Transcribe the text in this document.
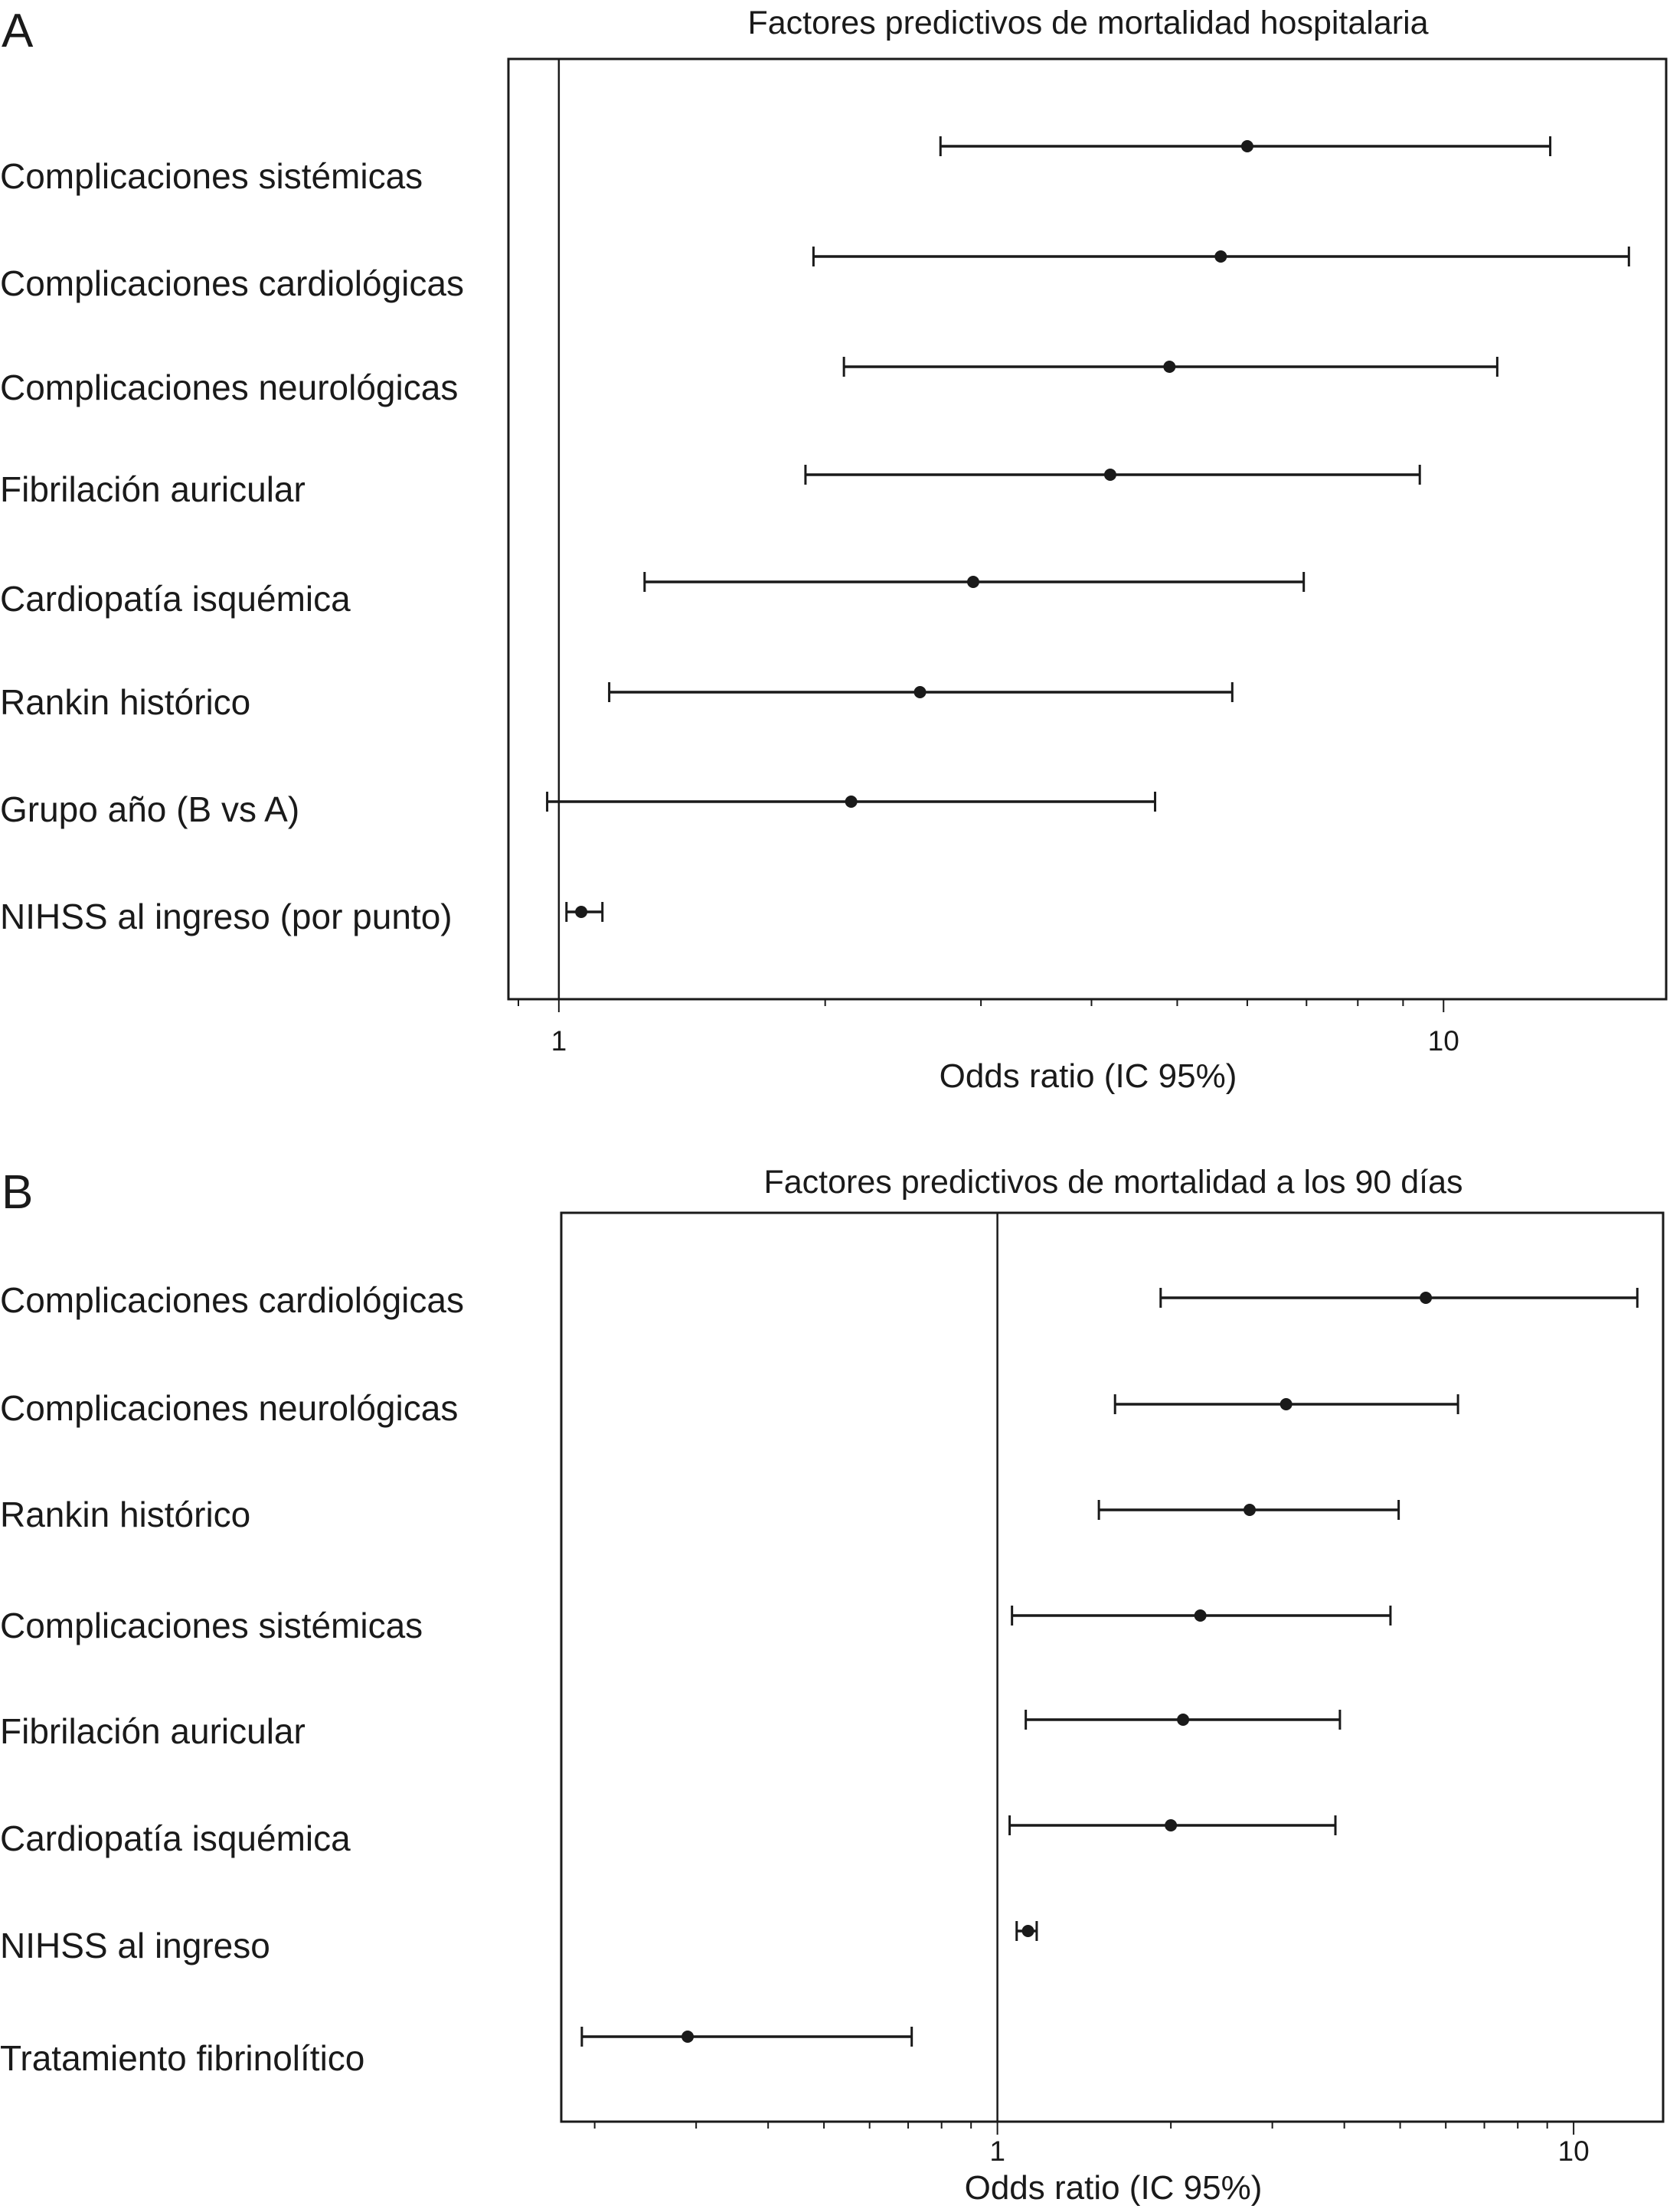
A	Factores predictivos de mortalidad hospitalaria
1	10
Odds ratio (IC 95%)
Complicaciones sistémicas
Complicaciones cardiológicas
Complicaciones neurológicas
Fibrilación auricular
Cardiopatía isquémica
Rankin histórico
Grupo año (B vs A)
NIHSS al ingreso (por punto)
B	Factores predictivos de mortalidad a los 90 días
1	10
Odds ratio (IC 95%)
Complicaciones cardiológicas
Complicaciones neurológicas
Rankin histórico
Complicaciones sistémicas
Fibrilación auricular
Cardiopatía isquémica
NIHSS al ingreso
Tratamiento fibrinolítico
